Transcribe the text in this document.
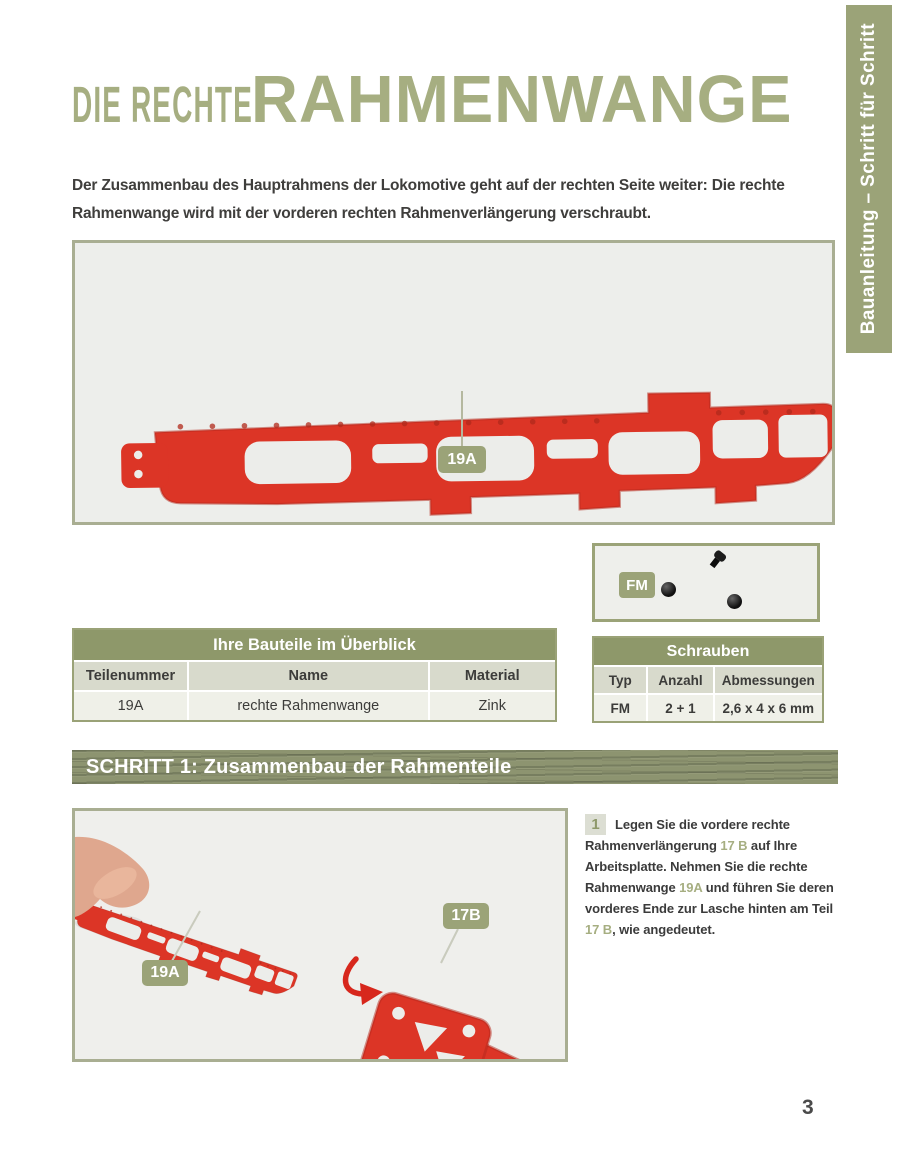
Bauanleitung – Schritt für Schritt
DIE RECHTE
RAHMENWANGE

Der Zusammenbau des Hauptrahmens der Lokomotive geht auf der rechten Seite weiter: Die rechte Rahmenwange wird mit der vorderen rechten Rahmenverlängerung verschraubt.

19A
FM
Ihre Bauteile im Überblick
Teilenummer	Name	Material
19A	rechte Rahmenwange	Zink
Schrauben
Typ	Anzahl	Abmessungen
FM	2 + 1	2,6 x 4 x 6 mm
SCHRITT 1: Zusammenbau der Rahmenteile
19A
17B
1	Legen Sie die vordere rechte Rahmenverlängerung 17 B auf Ihre Arbeitsplatte. Nehmen Sie die rechte Rahmenwange 19A und führen Sie deren vorderes Ende zur Lasche hinten am Teil 17 B, wie angedeutet.
3
